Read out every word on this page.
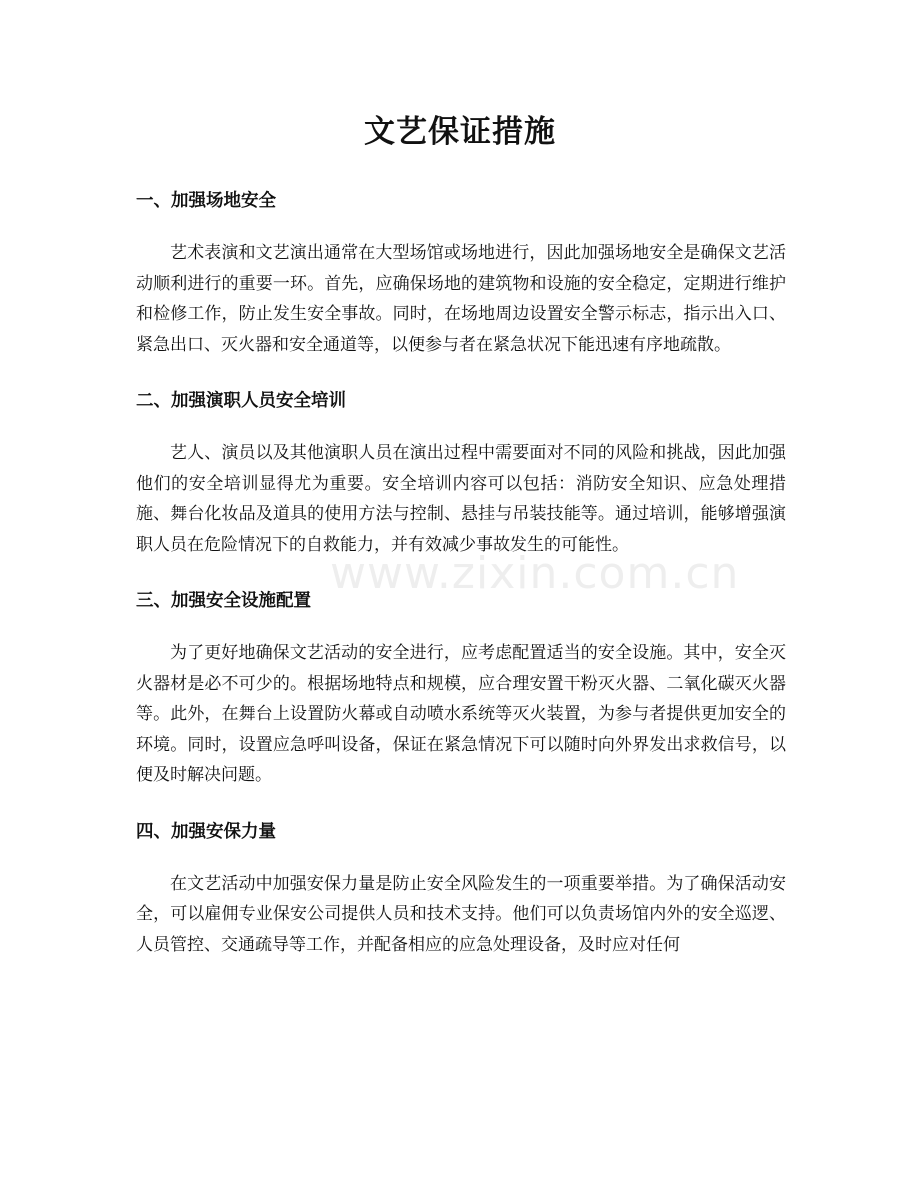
文艺保证措施
www.zixin.com.cn
一、加强场地安全

艺术表演和文艺演出通常在大型场馆或场地进行，因此加强场地安全是确保文艺活动顺利进行的重要一环。首先，应确保场地的建筑物和设施的安全稳定，定期进行维护和检修工作，防止发生安全事故。同时，在场地周边设置安全警示标志，指示出入口、紧急出口、灭火器和安全通道等，以便参与者在紧急状况下能迅速有序地疏散。

二、加强演职人员安全培训

艺人、演员以及其他演职人员在演出过程中需要面对不同的风险和挑战，因此加强他们的安全培训显得尤为重要。安全培训内容可以包括：消防安全知识、应急处理措施、舞台化妆品及道具的使用方法与控制、悬挂与吊装技能等。通过培训，能够增强演职人员在危险情况下的自救能力，并有效减少事故发生的可能性。

三、加强安全设施配置

为了更好地确保文艺活动的安全进行，应考虑配置适当的安全设施。其中，安全灭火器材是必不可少的。根据场地特点和规模，应合理安置干粉灭火器、二氧化碳灭火器等。此外，在舞台上设置防火幕或自动喷水系统等灭火装置，为参与者提供更加安全的环境。同时，设置应急呼叫设备，保证在紧急情况下可以随时向外界发出求救信号，以便及时解决问题。

四、加强安保力量

在文艺活动中加强安保力量是防止安全风险发生的一项重要举措。为了确保活动安全，可以雇佣专业保安公司提供人员和技术支持。他们可以负责场馆内外的安全巡逻、人员管控、交通疏导等工作，并配备相应的应急处理设备，及时应对任何
